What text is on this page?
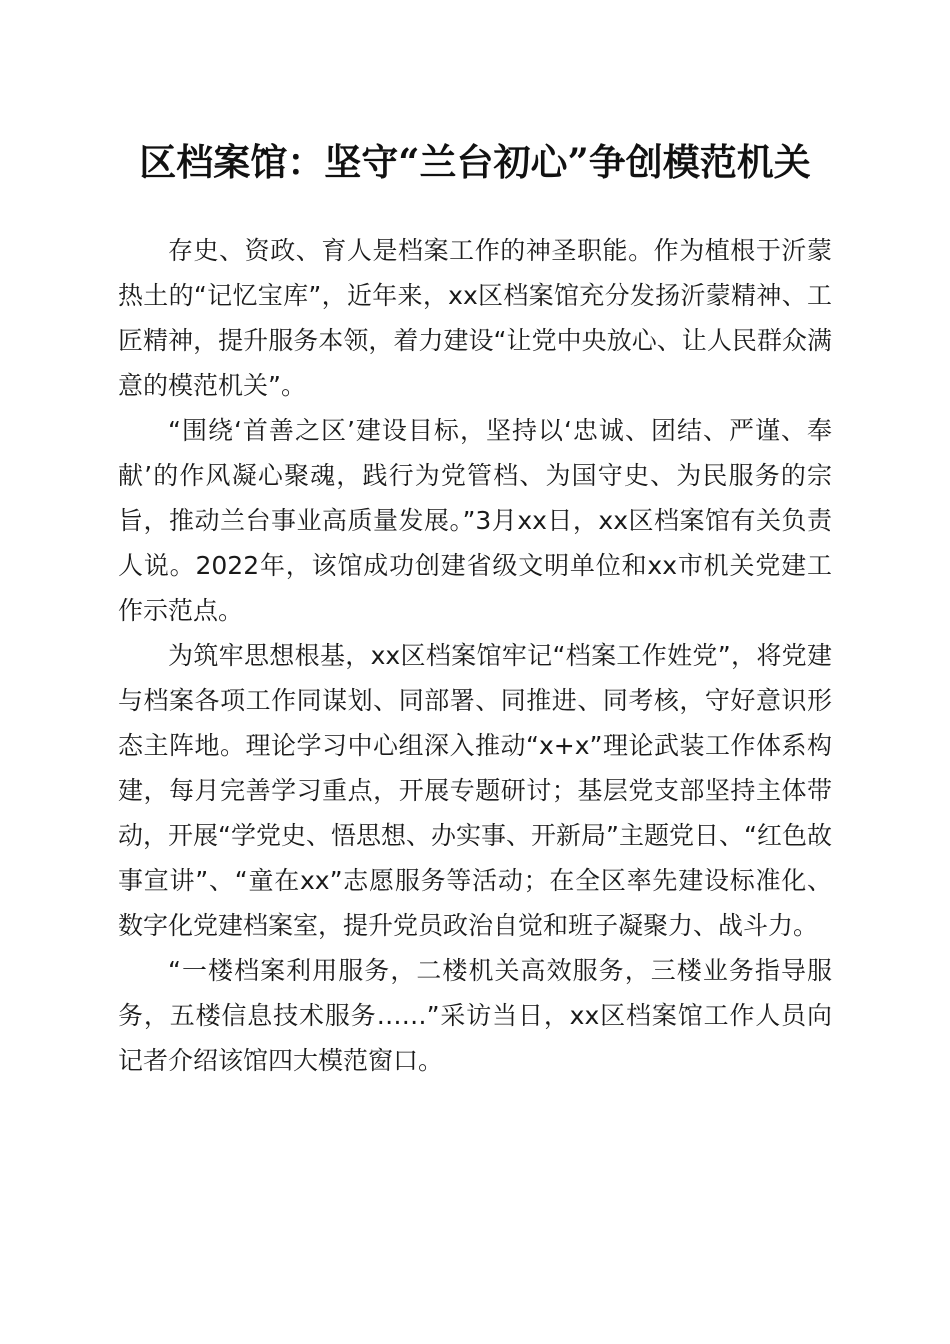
区档案馆：坚守“兰台初心”争创模范机关

存史、资政、育人是档案工作的神圣职能。作为植根于沂蒙热土的“记忆宝库”，近年来，xx区档案馆充分发扬沂蒙精神、工匠精神，提升服务本领，着力建设“让党中央放心、让人民群众满意的模范机关”。

“围绕‘首善之区’建设目标，坚持以‘忠诚、团结、严谨、奉献’的作风凝心聚魂，践行为党管档、为国守史、为民服务的宗旨，推动兰台事业高质量发展。”3月xx日，xx区档案馆有关负责人说。2022年，该馆成功创建省级文明单位和xx市机关党建工作示范点。

为筑牢思想根基，xx区档案馆牢记“档案工作姓党”，将党建与档案各项工作同谋划、同部署、同推进、同考核，守好意识形态主阵地。理论学习中心组深入推动“x+x”理论武装工作体系构建，每月完善学习重点，开展专题研讨；基层党支部坚持主体带动，开展“学党史、悟思想、办实事、开新局”主题党日、“红色故事宣讲”、“童在xx”志愿服务等活动；在全区率先建设标准化、数字化党建档案室，提升党员政治自觉和班子凝聚力、战斗力。

“一楼档案利用服务，二楼机关高效服务，三楼业务指导服务，五楼信息技术服务……”采访当日，xx区档案馆工作人员向记者介绍该馆四大模范窗口。
